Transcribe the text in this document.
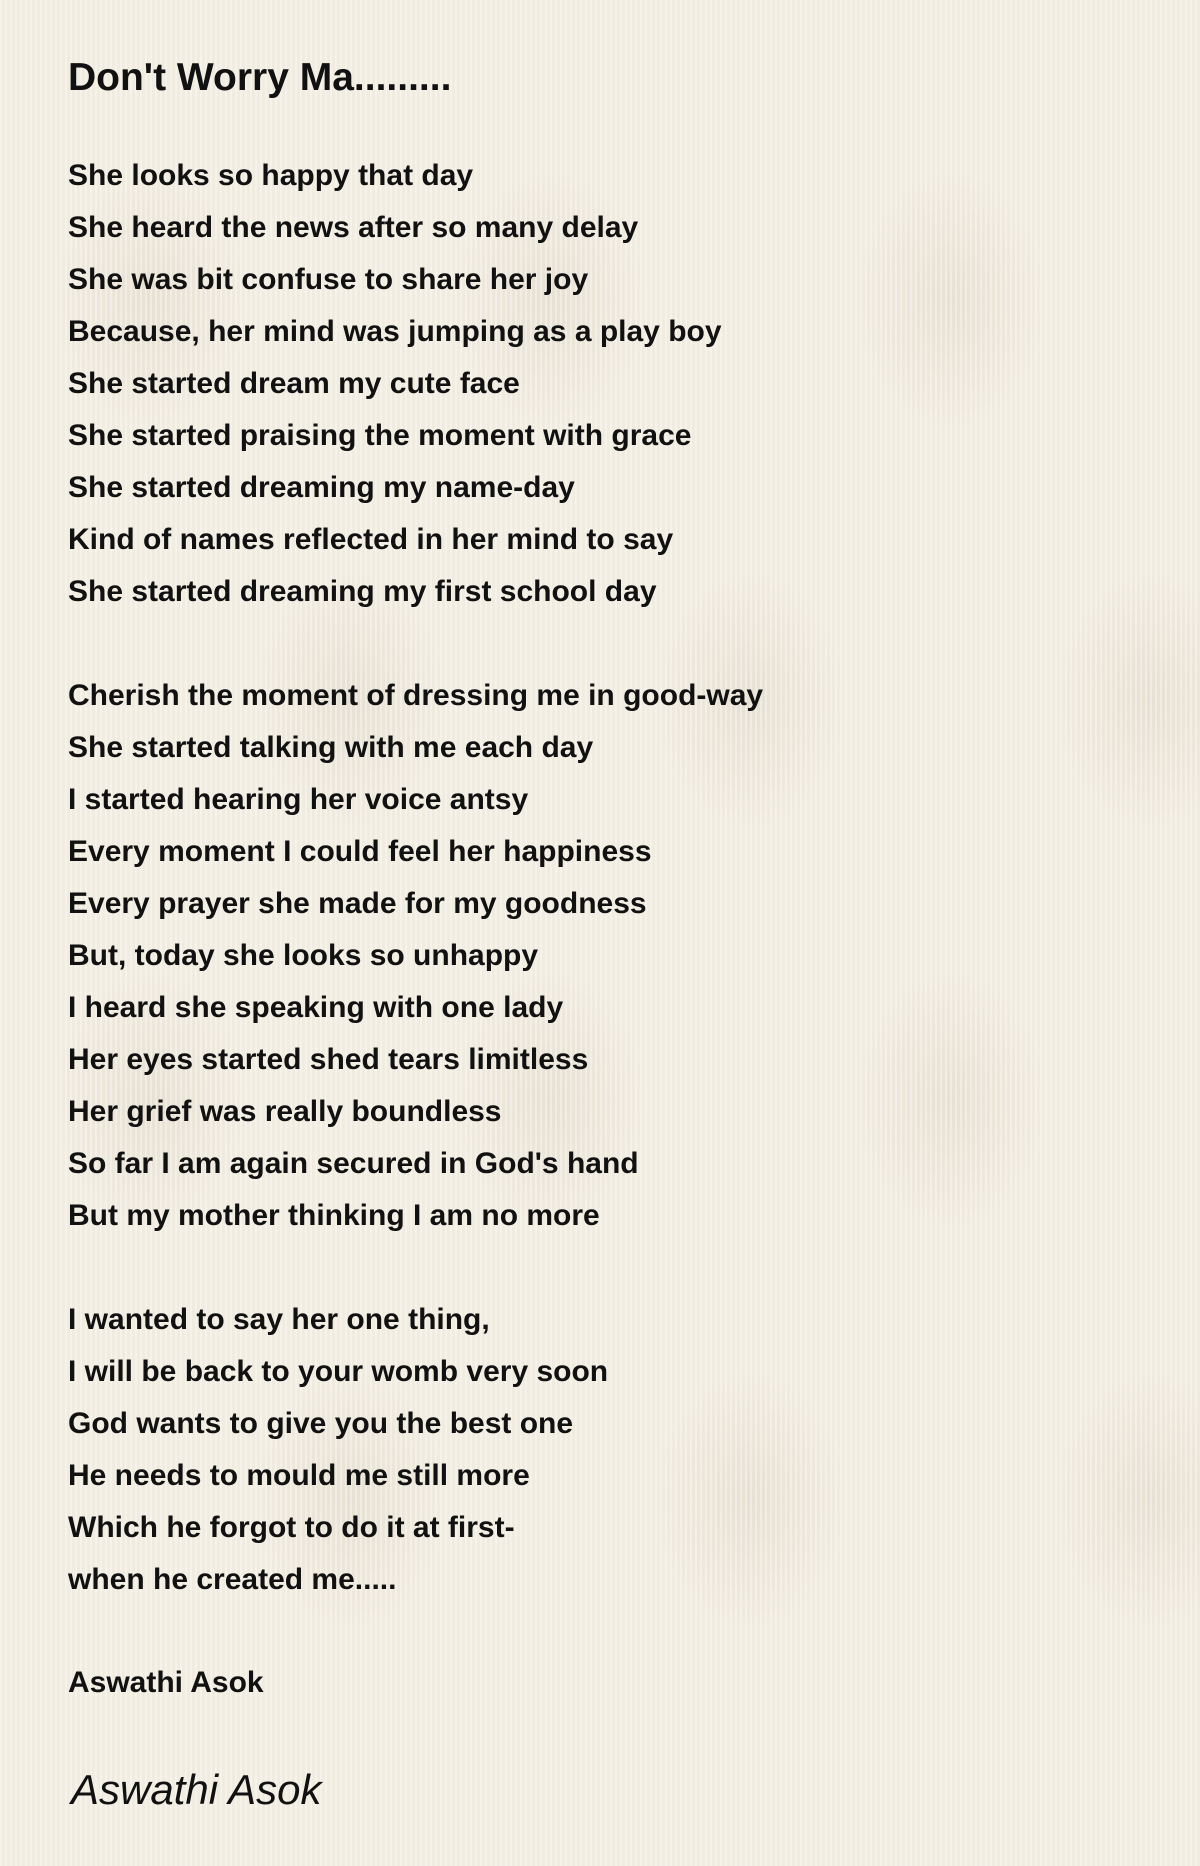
Don't Worry Ma.........
She looks so happy that day
She heard the news after so many delay
She was bit confuse to share her joy
Because, her mind was jumping as a play boy
She started dream my cute face
She started praising the moment with grace
She started dreaming my name-day
Kind of names reflected in her mind to say
She started dreaming my first school day
Cherish the moment of dressing me in good-way
She started talking with me each day
I started hearing her voice antsy
Every moment I could feel her happiness
Every prayer she made for my goodness
But, today she looks so unhappy
I heard she speaking with one lady
Her eyes started shed tears limitless
Her grief was really boundless
So far I am again secured in God's hand
But my mother thinking I am no more
I wanted to say her one thing,
I will be back to your womb very soon
God wants to give you the best one
He needs to mould me still more
Which he forgot to do it at first-
when he created me.....
Aswathi Asok
Aswathi Asok
